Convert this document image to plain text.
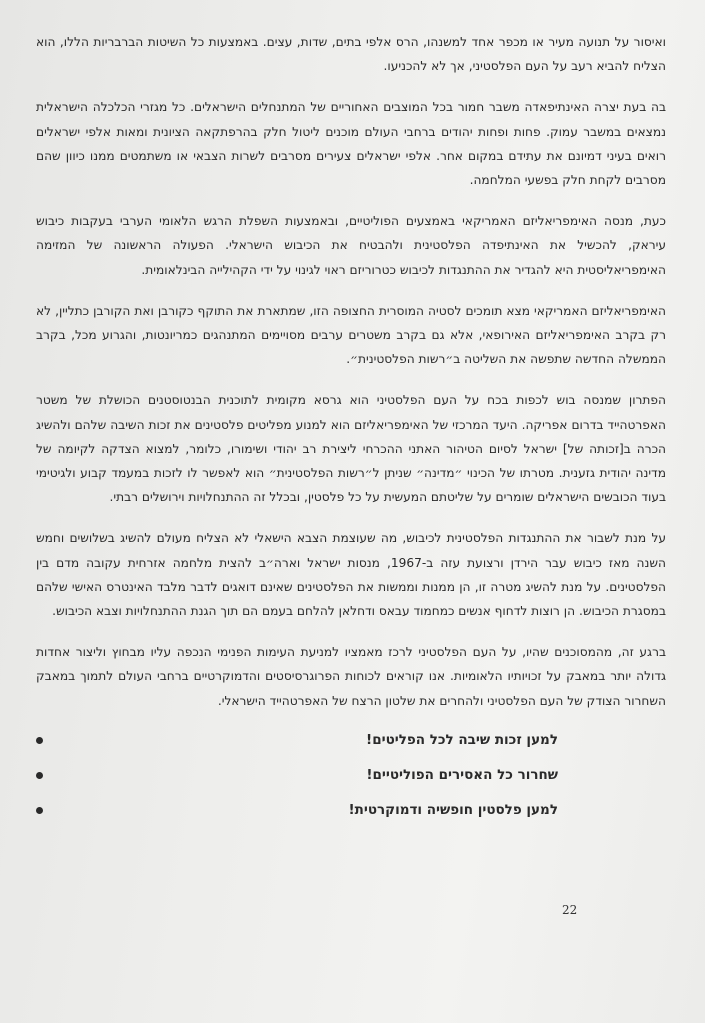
ואיסור על תנועה מעיר או מכפר אחד למשנהו, הרס אלפי בתים, שדות, עצים. באמצעות כל השיטות הברבריות הללו, הוא הצליח להביא רעב על העם הפלסטיני, אך לא להכניעו.

בה בעת יצרה האינתיפאדה משבר חמור בכל המוצבים האחוריים של המתנחלים הישראלים. כל מגזרי הכלכלה הישראלית נמצאים במשבר עמוק. פחות ופחות יהודים ברחבי העולם מוכנים ליטול חלק בהרפתקאה הציונית ומאות אלפי ישראלים רואים בעיני דמיונם את עתידם במקום אחר. אלפי ישראלים צעירים מסרבים לשרות הצבאי או משתמטים ממנו כיוון שהם מסרבים לקחת חלק בפשעי המלחמה.

כעת, מנסה האימפריאליזם האמריקאי באמצעים הפוליטיים, ובאמצעות השפלת הרגש הלאומי הערבי בעקבות כיבוש עיראק, להכשיל את האינתיפדה הפלסטינית ולהבטיח את הכיבוש הישראלי. הפעולה הראשונה של המזימה האימפריאליסטית היא להגדיר את ההתנגדות לכיבוש כטרוריזם ראוי לגינוי על ידי הקהילייה הבינלאומית.

האימפריאליזם האמריקאי מצא תומכים לסטיה המוסרית החצופה הזו, שמתארת את התוקף כקורבן ואת הקורבן כתליין, לא רק בקרב האימפריאליזם האירופאי, אלא גם בקרב משטרים ערבים מסויימים המתנהגים כמריונטות, והגרוע מכל, בקרב הממשלה החדשה שתפשה את השליטה ב״רשות הפלסטינית״.

הפתרון שמנסה בוש לכפות בכח על העם הפלסטיני הוא גרסא מקומית לתוכנית הבנטוסטנים הכושלת של משטר האפרטהייד בדרום אפריקה. היעד המרכזי של האימפריאליזם הוא למנוע מפליטים פלסטינים את זכות השיבה שלהם ולהשיג הכרה ב[זכותה של] ישראל לסיום הטיהור האתני ההכרחי ליצירת רב יהודי ושימורו, כלומר, למצוא הצדקה לקיומה של מדינה יהודית גזענית. מטרתו של הכינוי ״מדינה״ שניתן ל״רשות הפלסטינית״ הוא לאפשר לו לזכות במעמד קבוע ולגיטימי בעוד הכובשים הישראלים שומרים על שליטתם המעשית על כל פלסטין, ובכלל זה ההתנחלויות וירושלים רבתי.

על מנת לשבור את ההתנגדות הפלסטינית לכיבוש, מה שעוצמת הצבא הישאלי לא הצליח מעולם להשיג בשלושים וחמש השנה מאז כיבוש עבר הירדן ורצועת עזה ב-1967, מנסות ישראל וארה״ב להצית מלחמה אזרחית עקובה מדם בין הפלסטינים. על מנת להשיג מטרה זו, הן ממנות וממשות את הפלסטינים שאינם דואגים לדבר מלבד האינטרס האישי שלהם במסגרת הכיבוש. הן רוצות לדחוף אנשים כמחמוד עבאס ודחלאן להלחם בעמם הם תוך הגנת ההתנחלויות וצבא הכיבוש.

ברגע זה, מהמסוכנים שהיו, על העם הפלסטיני לרכז מאמציו למניעת העימות הפנימי הנכפה עליו מבחוץ וליצור אחדות גדולה יותר במאבק על זכויותיו הלאומיות. אנו קוראים לכוחות הפרוגרסיסטים והדמוקרטיים ברחבי העולם לתמוך במאבק השחרור הצודק של העם הפלסטיני ולהחרים את שלטון הרצח של האפרטהייד הישראלי.

למען זכות שיבה לכל הפליטים!
שחרור כל האסירים הפוליטיים!
למען פלסטין חופשיה ודמוקרטית!
22
